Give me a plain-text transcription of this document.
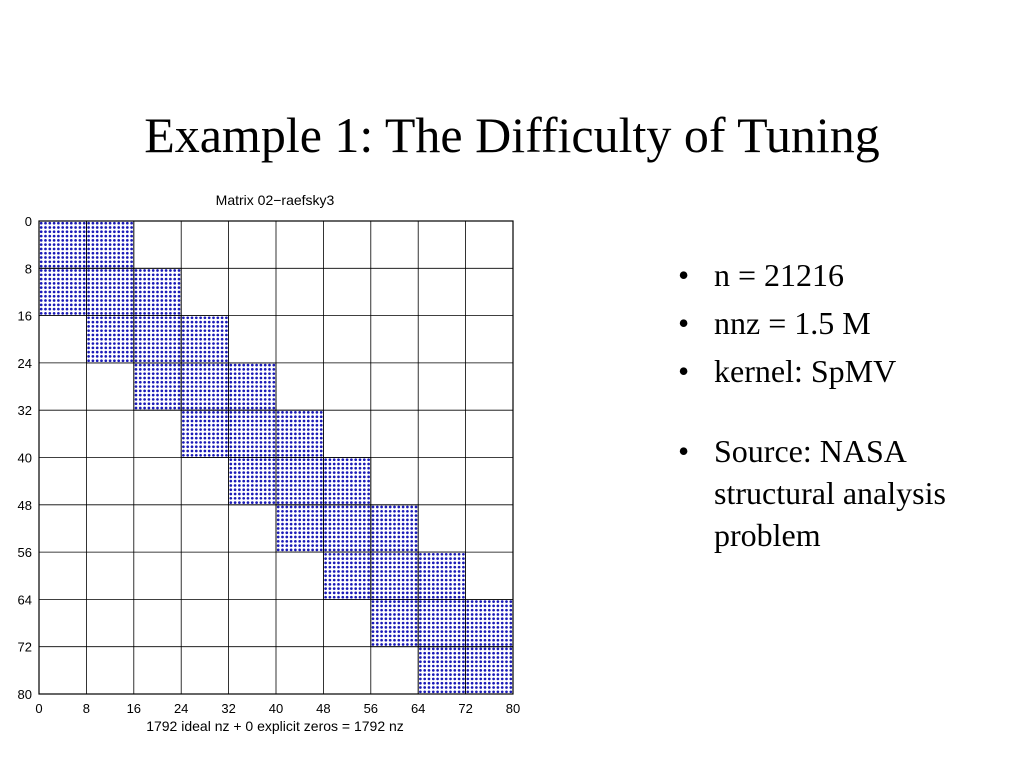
Example 1: The Difficulty of Tuning
Matrix 02−raefsky3
0	8	16	24	32	40	48	56	64	72	80
0
8
16
24
32
40
48
56
64
72
80
1792 ideal nz + 0 explicit zeros = 1792 nz
• n = 21216
• nnz = 1.5 M
• kernel: SpMV
• Source: NASA structural analysis problem
